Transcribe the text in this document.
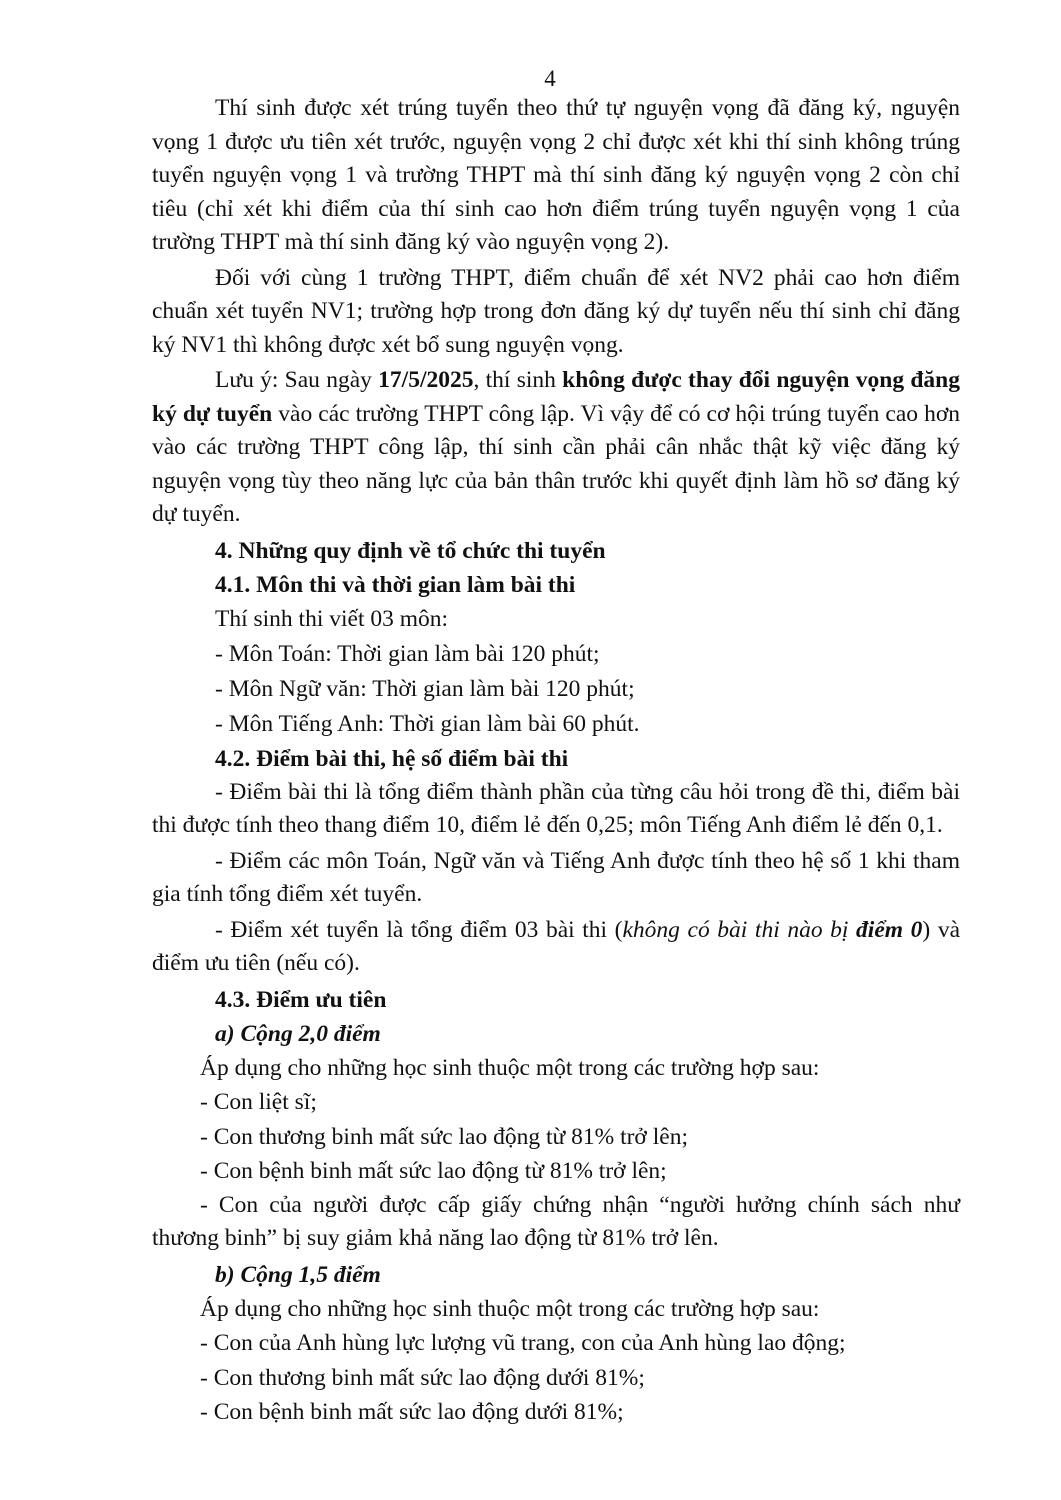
4

Thí sinh được xét trúng tuyển theo thứ tự nguyện vọng đã đăng ký, nguyện vọng 1 được ưu tiên xét trước, nguyện vọng 2 chỉ được xét khi thí sinh không trúng tuyển nguyện vọng 1 và trường THPT mà thí sinh đăng ký nguyện vọng 2 còn chỉ tiêu (chỉ xét khi điểm của thí sinh cao hơn điểm trúng tuyển nguyện vọng 1 của trường THPT mà thí sinh đăng ký vào nguyện vọng 2).

Đối với cùng 1 trường THPT, điểm chuẩn để xét NV2 phải cao hơn điểm chuẩn xét tuyển NV1; trường hợp trong đơn đăng ký dự tuyển nếu thí sinh chỉ đăng ký NV1 thì không được xét bổ sung nguyện vọng.

Lưu ý: Sau ngày 17/5/2025, thí sinh không được thay đổi nguyện vọng đăng ký dự tuyển vào các trường THPT công lập. Vì vậy để có cơ hội trúng tuyển cao hơn vào các trường THPT công lập, thí sinh cần phải cân nhắc thật kỹ việc đăng ký nguyện vọng tùy theo năng lực của bản thân trước khi quyết định làm hồ sơ đăng ký dự tuyển.

4. Những quy định về tổ chức thi tuyển

4.1. Môn thi và thời gian làm bài thi

Thí sinh thi viết 03 môn:

- Môn Toán: Thời gian làm bài 120 phút;

- Môn Ngữ văn: Thời gian làm bài 120 phút;

- Môn Tiếng Anh: Thời gian làm bài 60 phút.

4.2. Điểm bài thi, hệ số điểm bài thi

- Điểm bài thi là tổng điểm thành phần của từng câu hỏi trong đề thi, điểm bài thi được tính theo thang điểm 10, điểm lẻ đến 0,25; môn Tiếng Anh điểm lẻ đến 0,1.

- Điểm các môn Toán, Ngữ văn và Tiếng Anh được tính theo hệ số 1 khi tham gia tính tổng điểm xét tuyển.

- Điểm xét tuyển là tổng điểm 03 bài thi (không có bài thi nào bị điểm 0) và điểm ưu tiên (nếu có).

4.3. Điểm ưu tiên

a) Cộng 2,0 điểm

Áp dụng cho những học sinh thuộc một trong các trường hợp sau:

- Con liệt sĩ;

- Con thương binh mất sức lao động từ 81% trở lên;

- Con bệnh binh mất sức lao động từ 81% trở lên;

- Con của người được cấp giấy chứng nhận “người hưởng chính sách như thương binh” bị suy giảm khả năng lao động từ 81% trở lên.

b) Cộng 1,5 điểm

Áp dụng cho những học sinh thuộc một trong các trường hợp sau:

- Con của Anh hùng lực lượng vũ trang, con của Anh hùng lao động;

- Con thương binh mất sức lao động dưới 81%;

- Con bệnh binh mất sức lao động dưới 81%;
